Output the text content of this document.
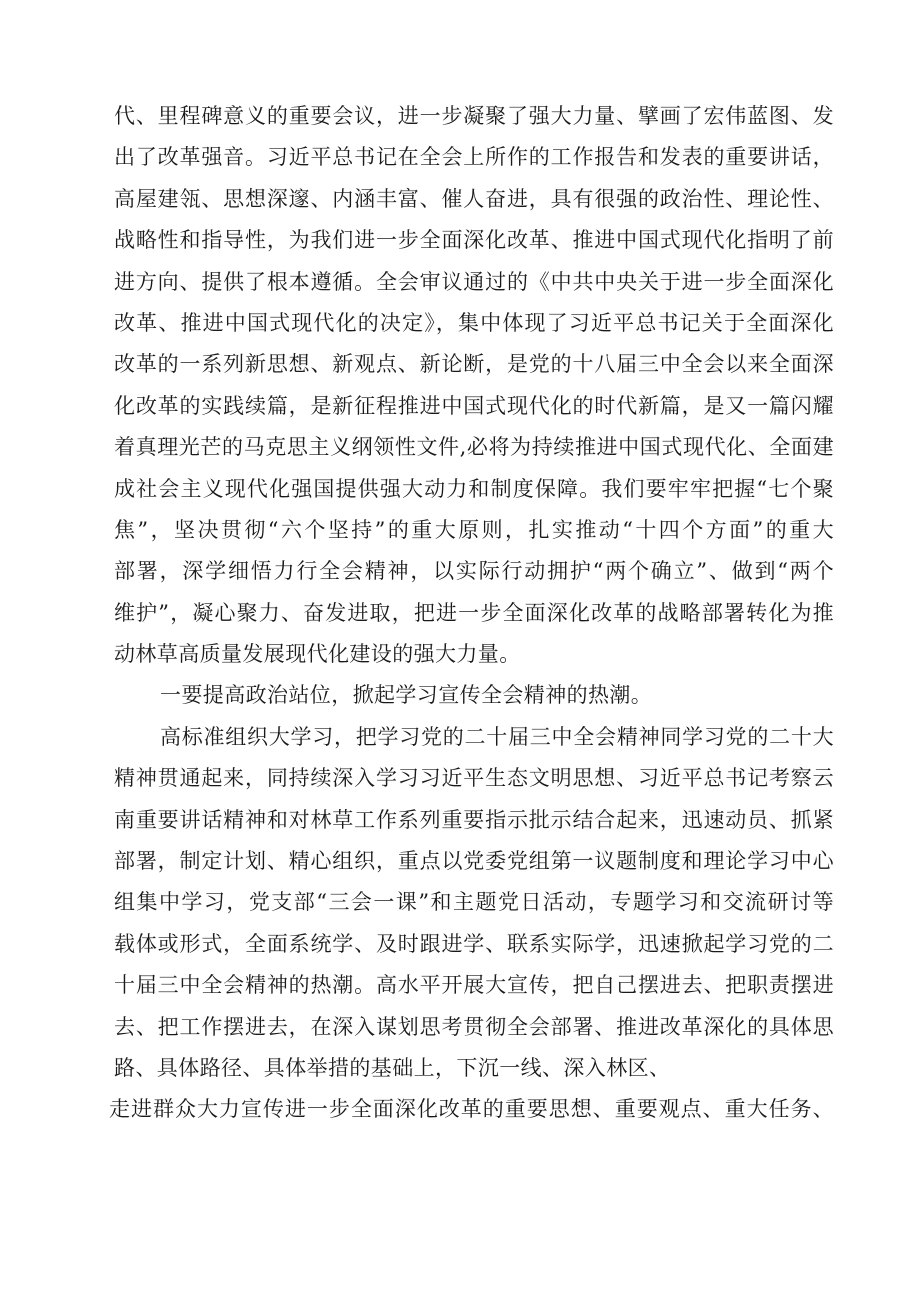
代、里程碑意义的重要会议，进一步凝聚了强大力量、擘画了宏伟蓝图、发
出了改革强音。习近平总书记在全会上所作的工作报告和发表的重要讲话，
高屋建瓴、思想深邃、内涵丰富、催人奋进，具有很强的政治性、理论性、
战略性和指导性，为我们进一步全面深化改革、推进中国式现代化指明了前
进方向、提供了根本遵循。全会审议通过的《中共中央关于进一步全面深化
改革、推进中国式现代化的决定》，集中体现了习近平总书记关于全面深化
改革的一系列新思想、新观点、新论断，是党的十八届三中全会以来全面深
化改革的实践续篇，是新征程推进中国式现代化的时代新篇，是又一篇闪耀
着真理光芒的马克思主义纲领性文件,必将为持续推进中国式现代化、全面建
成社会主义现代化强国提供强大动力和制度保障。我们要牢牢把握“七个聚
焦”，坚决贯彻“六个坚持”的重大原则，扎实推动“十四个方面”的重大
部署，深学细悟力行全会精神，以实际行动拥护“两个确立”、做到“两个
维护”，凝心聚力、奋发进取，把进一步全面深化改革的战略部署转化为推
动林草高质量发展现代化建设的强大力量。
一要提高政治站位，掀起学习宣传全会精神的热潮。
高标准组织大学习，把学习党的二十届三中全会精神同学习党的二十大
精神贯通起来，同持续深入学习习近平生态文明思想、习近平总书记考察云
南重要讲话精神和对林草工作系列重要指示批示结合起来，迅速动员、抓紧
部署，制定计划、精心组织，重点以党委党组第一议题制度和理论学习中心
组集中学习，党支部“三会一课”和主题党日活动，专题学习和交流研讨等
载体或形式，全面系统学、及时跟进学、联系实际学，迅速掀起学习党的二
十届三中全会精神的热潮。高水平开展大宣传，把自己摆进去、把职责摆进
去、把工作摆进去，在深入谋划思考贯彻全会部署、推进改革深化的具体思
路、具体路径、具体举措的基础上，下沉一线、深入林区、
走进群众大力宣传进一步全面深化改革的重要思想、重要观点、重大任务、
